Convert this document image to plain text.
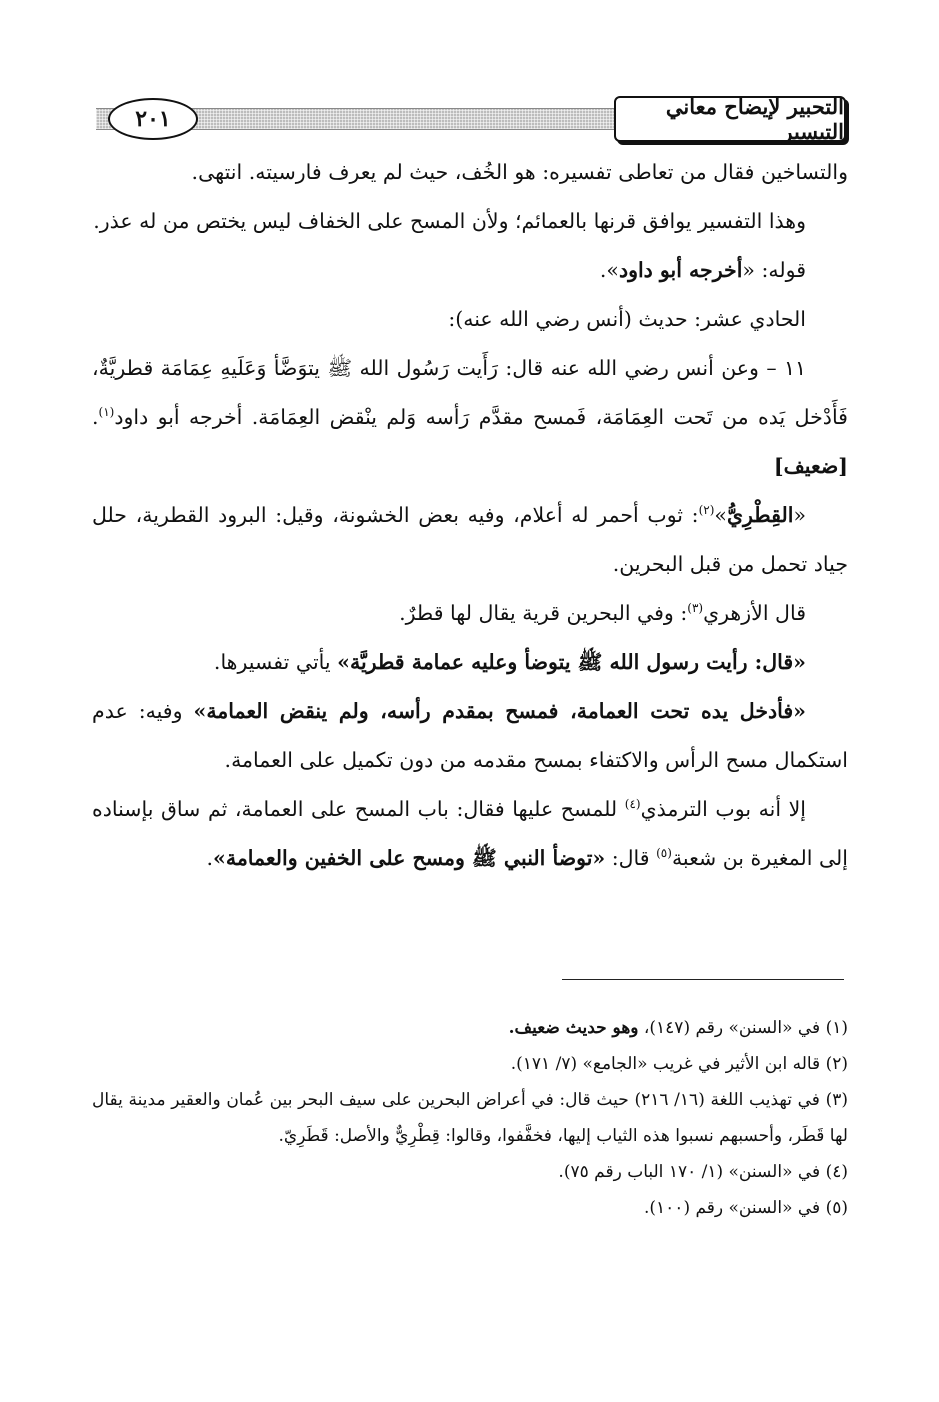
٢٠١	التحبير لإيضاح معاني التيسير

والتساخين فقال من تعاطى تفسيره: هو الخُف، حيث لم يعرف فارسيته. انتهى.

وهذا التفسير يوافق قرنها بالعمائم؛ ولأن المسح على الخفاف ليس يختص من له عذر.

قوله: «أخرجه أبو داود».

الحادي عشر: حديث (أنس رضي الله عنه):

١١ – وعن أنس رضي الله عنه قال: رَأَيت رَسُول الله ﷺ يتوَضَّأ وَعَلَيهِ عِمَامَة قطريَّةٌ، فَأَدْخل يَده من تَحت العِمَامَة، فَمسح مقدَّم رَأسه وَلم ينْقض العِمَامَة. أخرجه أبو داود$^{(١)}$. [ضعيف]

«القِطْرِيُّ»$^{(٢)}$: ثوب أحمر له أعلام، وفيه بعض الخشونة، وقيل: البرود القطرية، حلل جياد تحمل من قبل البحرين.

قال الأزهري$^{(٣)}$: وفي البحرين قرية يقال لها قطرٌ.

«قال: رأيت رسول الله ﷺ يتوضأ وعليه عمامة قطريَّة» يأتي تفسيرها.

«فأدخل يده تحت العمامة، فمسح بمقدم رأسه، ولم ينقض العمامة» وفيه: عدم استكمال مسح الرأس والاكتفاء بمسح مقدمه من دون تكميل على العمامة.

إلا أنه بوب الترمذي$^{(٤)}$ للمسح عليها فقال: باب المسح على العمامة، ثم ساق بإسناده إلى المغيرة بن شعبة$^{(٥)}$ قال: «توضأ النبي ﷺ ومسح على الخفين والعمامة».

(١) في «السنن» رقم (١٤٧)، وهو حديث ضعيف.

(٢) قاله ابن الأثير في غريب «الجامع» (٧/ ١٧١).

(٣) في تهذيب اللغة (١٦/ ٢١٦) حيث قال: في أعراض البحرين على سيف البحر بين عُمان والعقير مدينة يقال لها قَطَر، وأحسبهم نسبوا هذه الثياب إليها، فخفَّفوا، وقالوا: قِطْرِيٌّ والأصل: قَطَرِيّ.

(٤) في «السنن» (١/ ١٧٠ الباب رقم ٧٥).

(٥) في «السنن» رقم (١٠٠).
